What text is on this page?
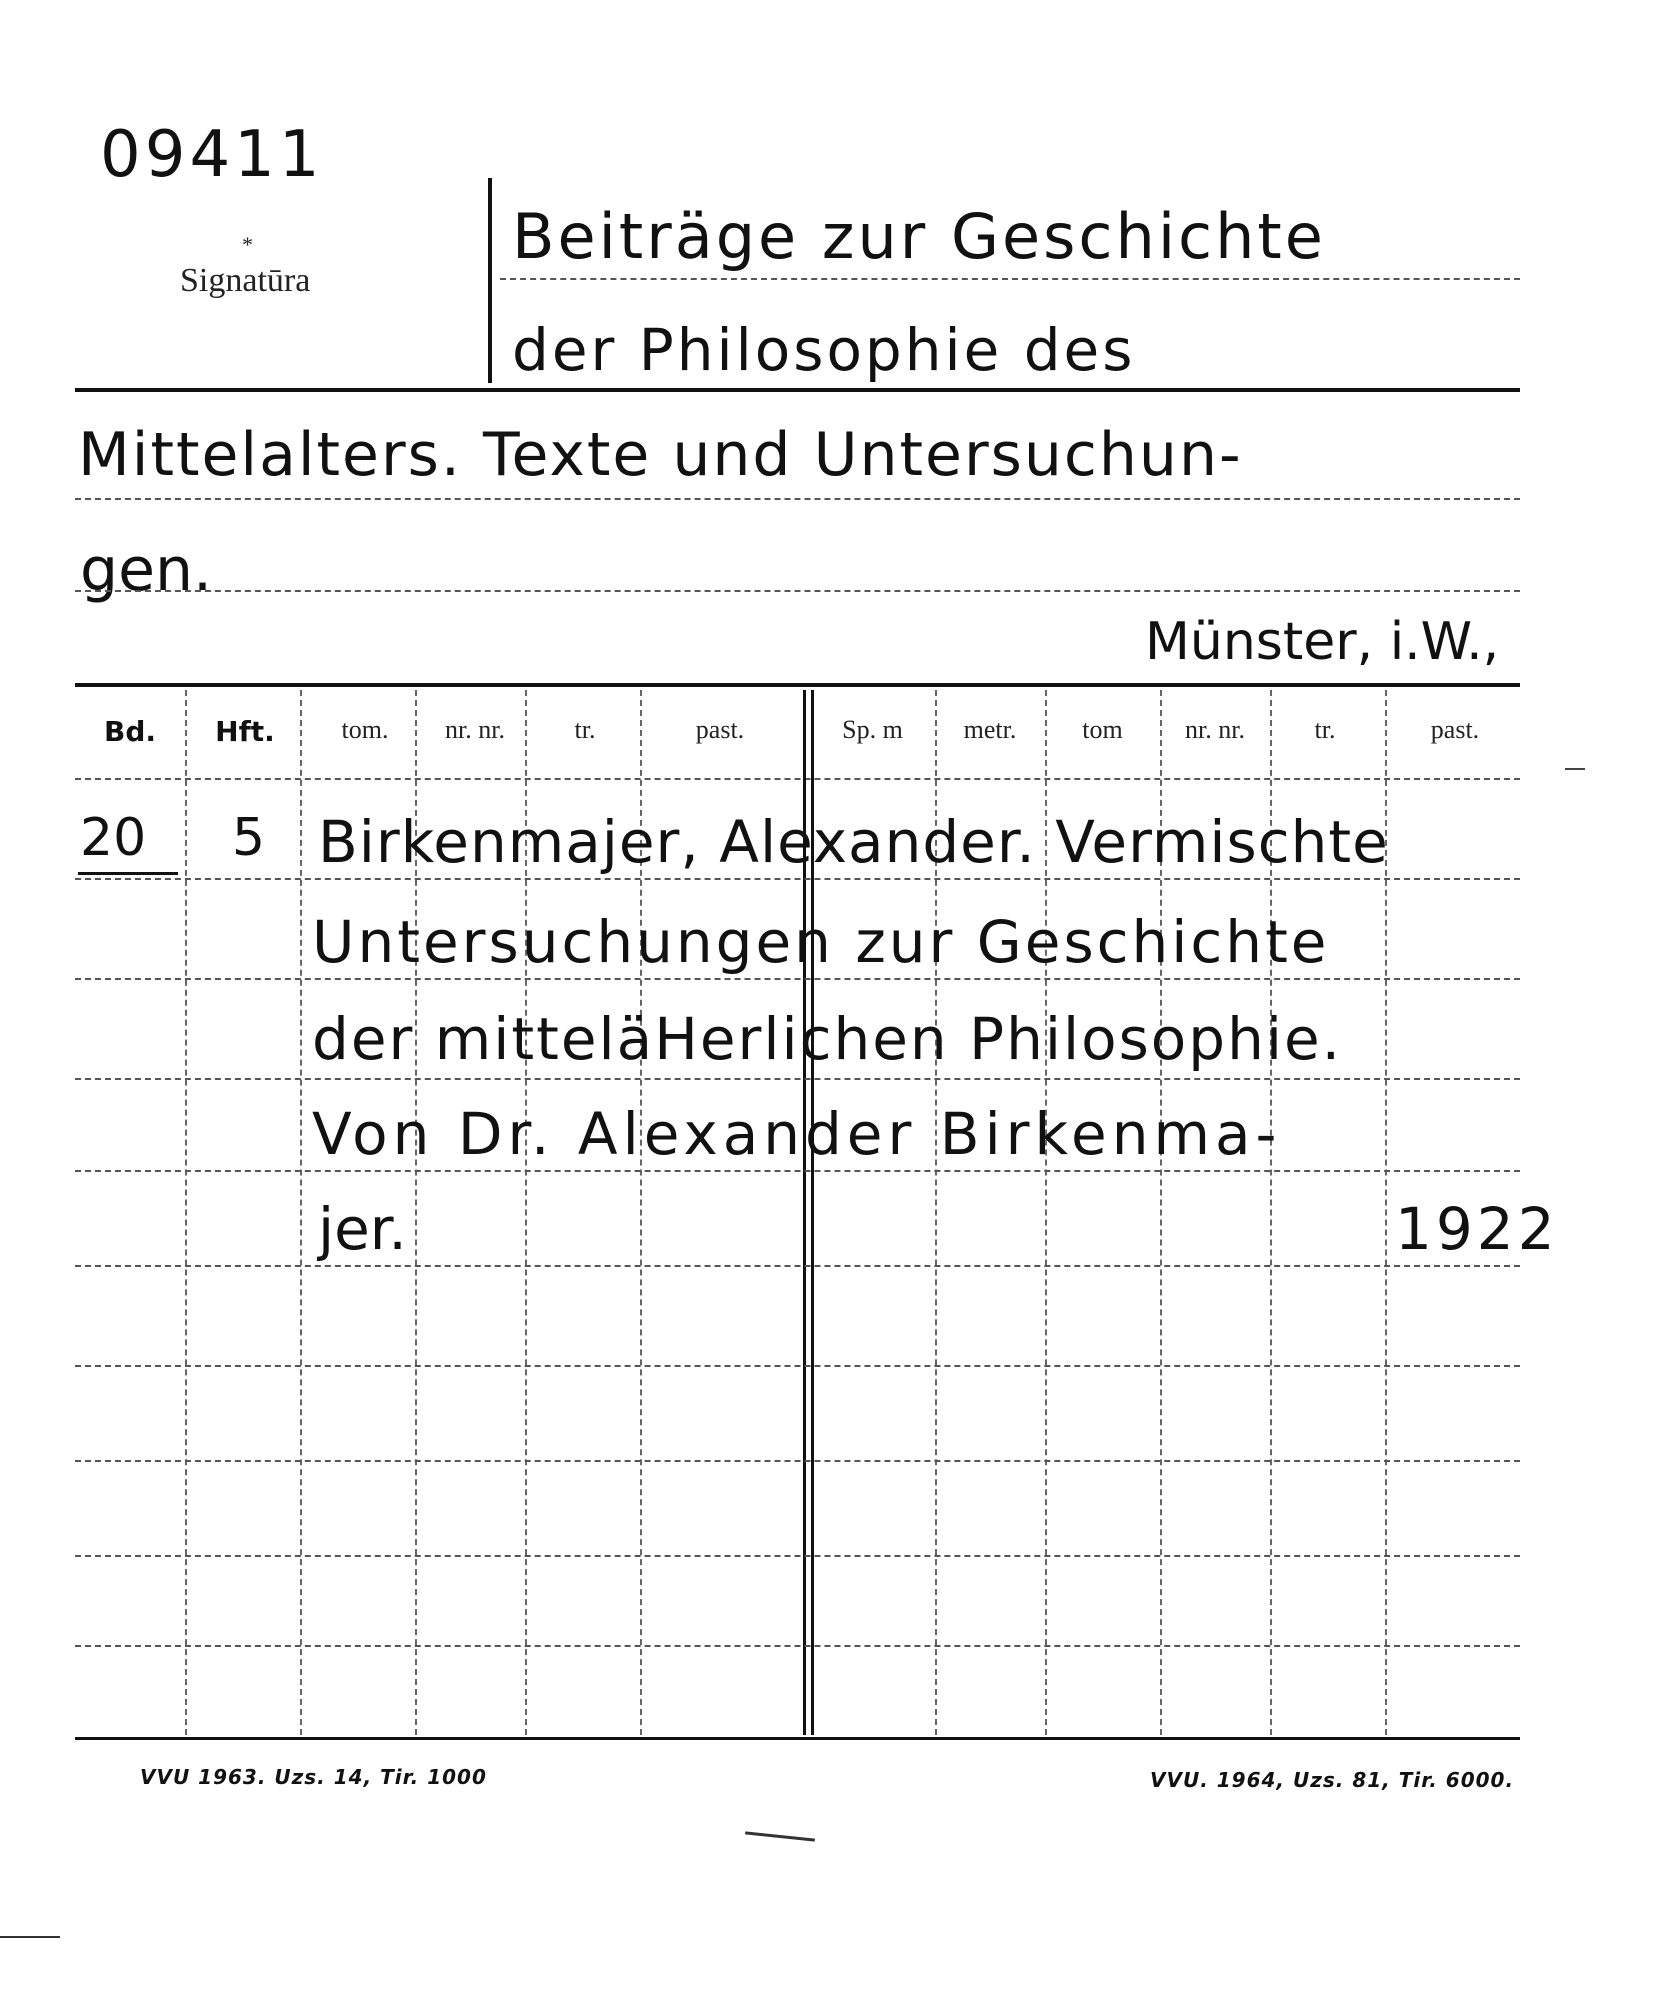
09411
*
Signatūra
Beiträge zur Geschichte
der Philosophie des
Mittelalters. Texte und Untersuchun-
gen.
Münster, i.W.,
Bd.	Hft.	tom.	nr. nr.	tr.	past.	Sp. m	metr.	tom	nr. nr.	tr.	past.
20 5 Birkenmajer, Alexander. Vermischte
Untersuchungen zur Geschichte
der mitteläHerlichen Philosophie.
Von Dr. Alexander Birkenma-
jer.	1922
VVU 1963. Uzs. 14, Tir. 1000	VVU. 1964, Uzs. 81, Tir. 6000.
